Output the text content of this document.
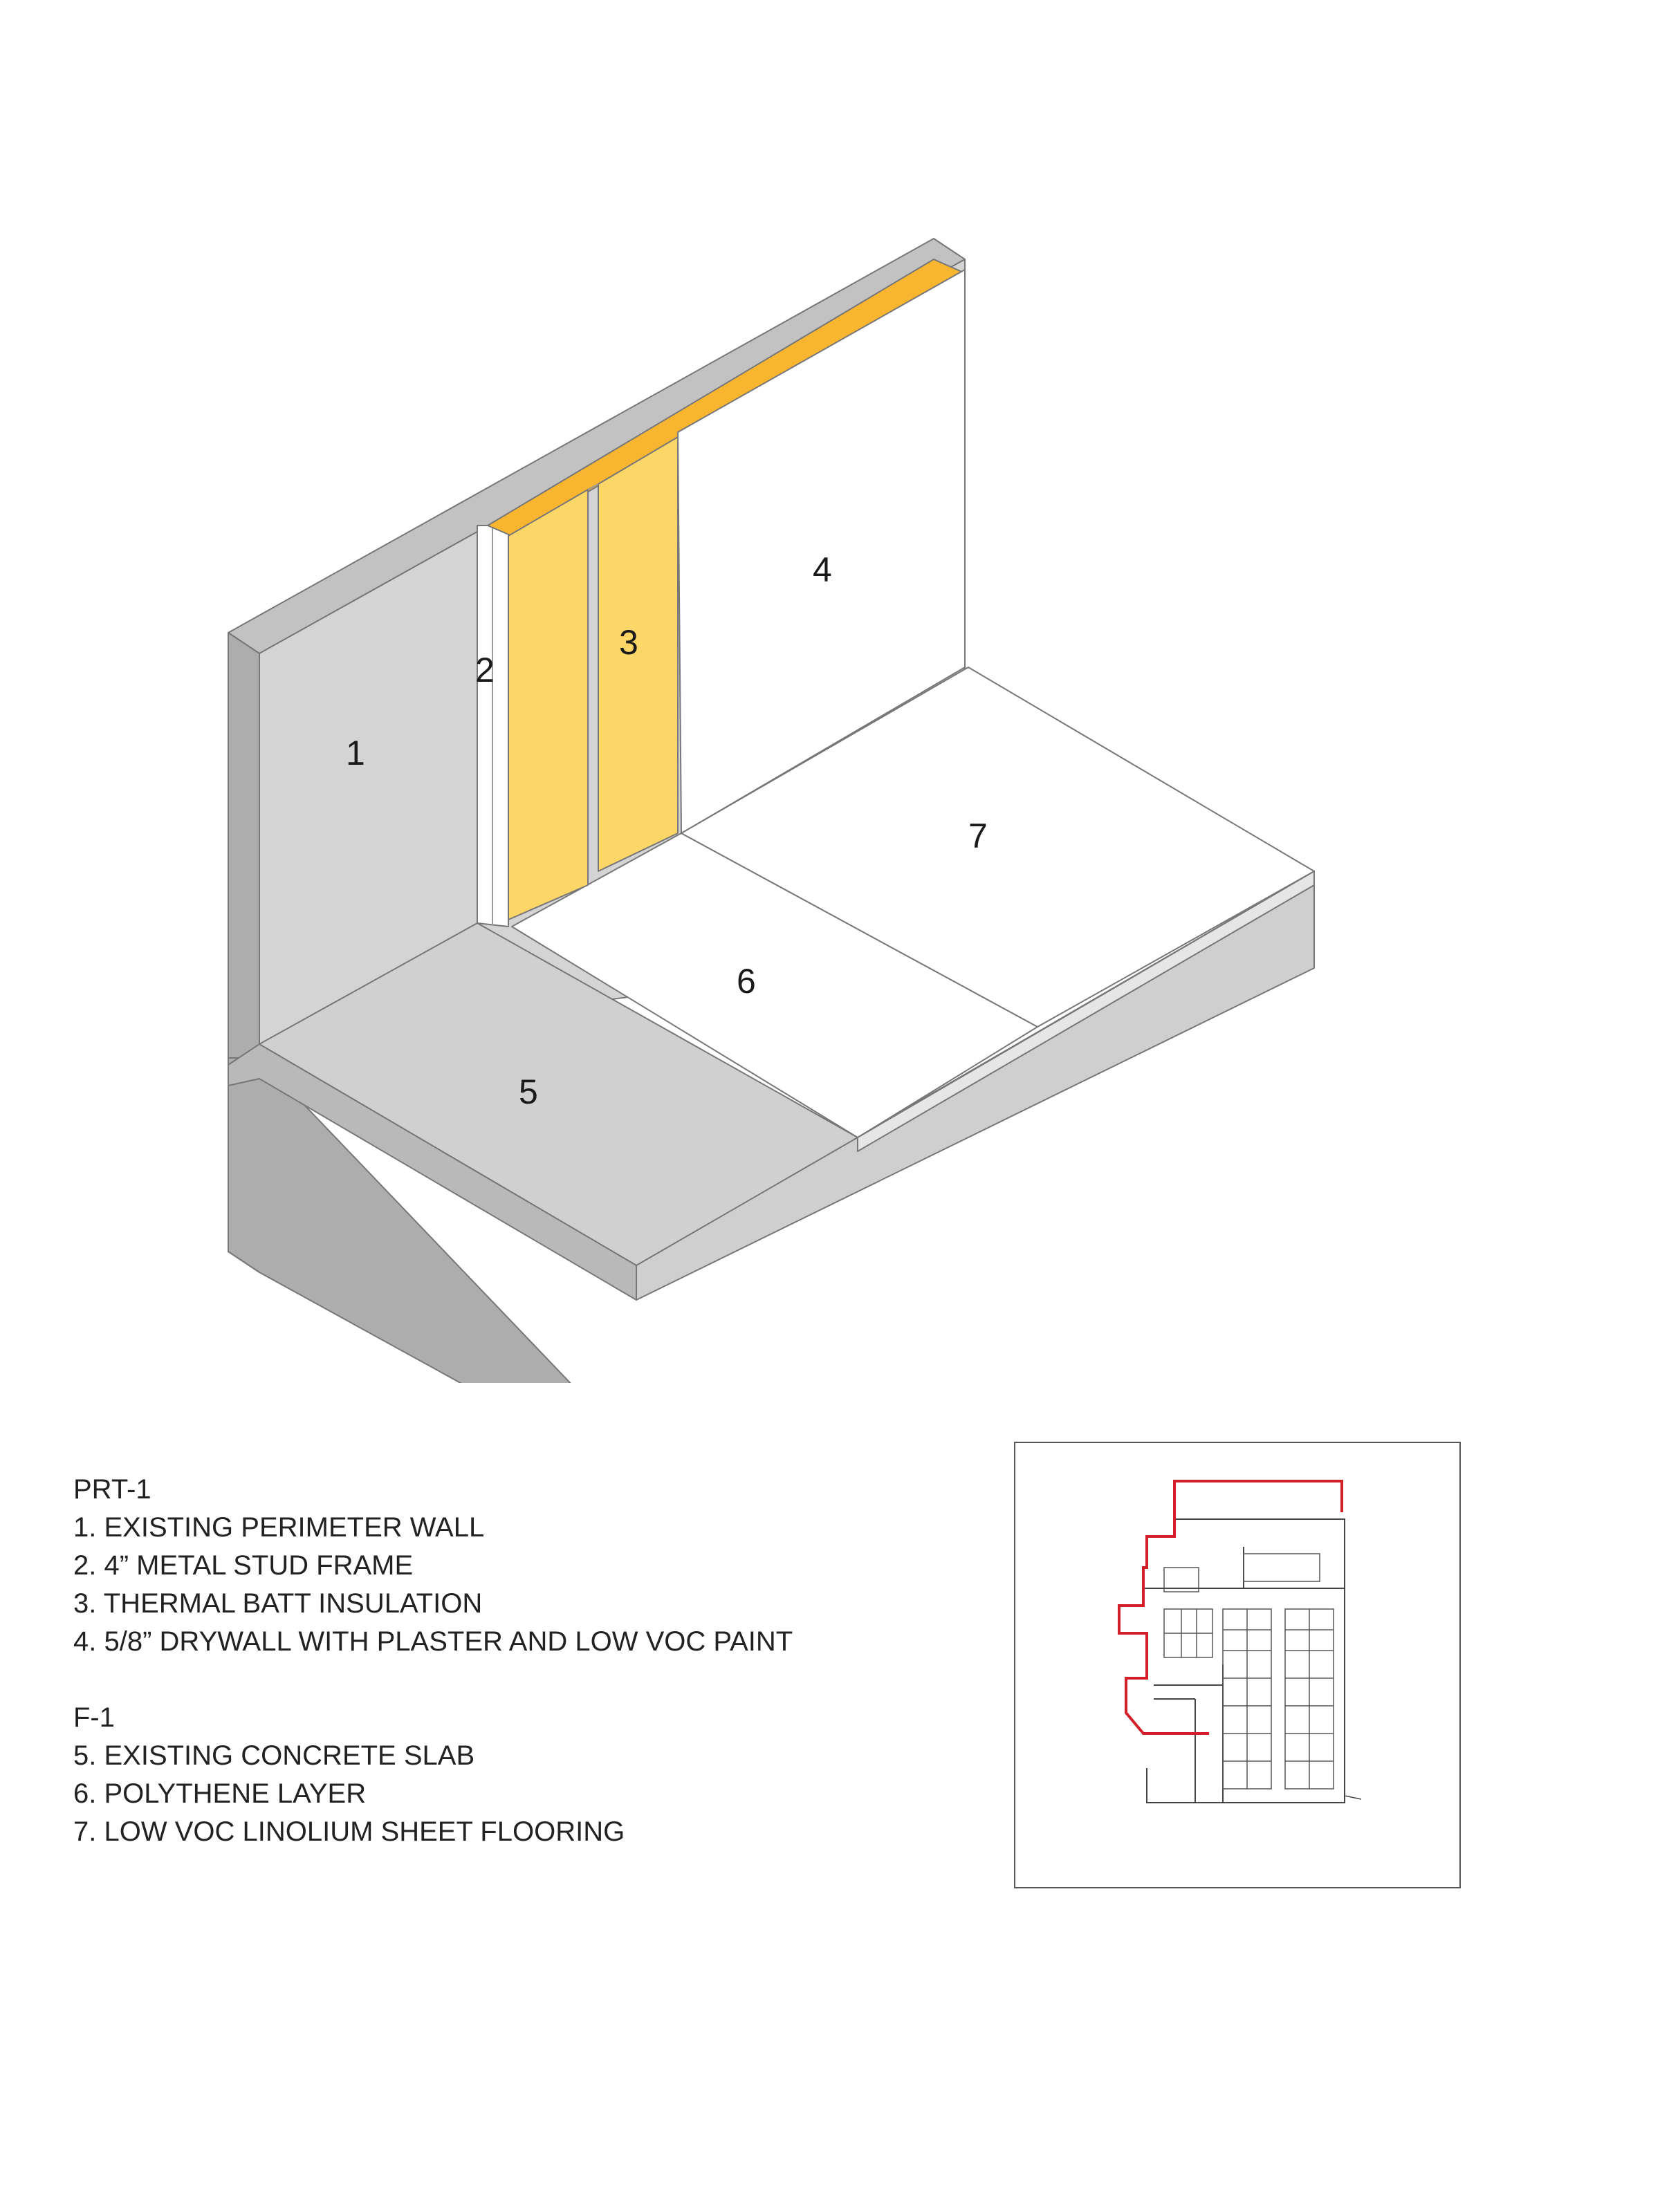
1
2
3
4
5
6
7
PRT-1
1. EXISTING PERIMETER WALL
2. 4” METAL STUD FRAME
3. THERMAL BATT INSULATION
4. 5/8” DRYWALL WITH PLASTER AND LOW VOC PAINT
F-1
5. EXISTING CONCRETE SLAB
6. POLYTHENE LAYER
7. LOW VOC LINOLIUM SHEET FLOORING
